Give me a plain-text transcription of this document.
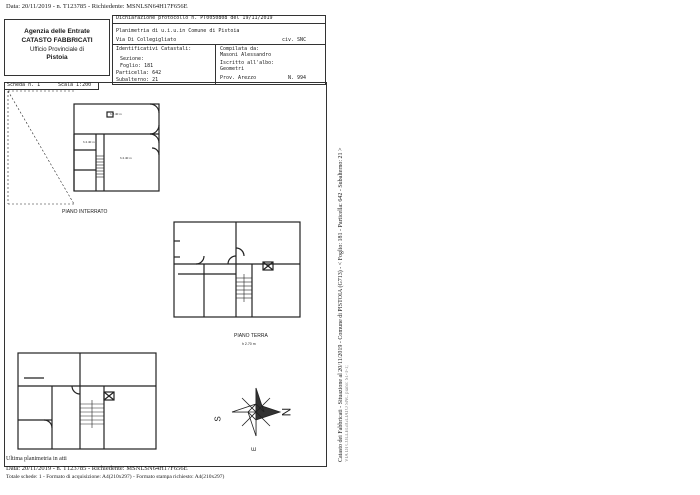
Data: 20/11/2019 - n. T123785 - Richiedente: MSNLSN64H17F656E
Agenzia delle Entrate
CATASTO FABBRICATI
Ufficio Provinciale di
Pistoia
Dichiarazione protocollo n. PT0050808 del 19/11/2019
Planimetria di u.i.u.in Comune di Pistoia
Via Di Collegigliato	civ. SNC
Identificativi Catastali:
Sezione:
Foglio: 181
Particella: 642
Subalterno: 21
Compilata da:
Masoni Alessandro
Iscritto all'albo:
Geometri
Prov. Arezzo	N. 994
Scheda n. 1	Scala 1:200
h 2.40 m
h 2.40 m
h 2.40 m
PIANO INTERRATO
PIANO TERRA
h 2.70 m
N
S
E	Catasto dei Fabbricati - Situazione al 20/11/2019 - Comune di PISTOIA (G713) - < Foglio: 181 - Particella: 642 - Subalterno: 21 > VIA DI COLLEGIGLIATO SNC piano: S1-T-1;
Ultima planimetria in atti
Data: 20/11/2019 - n. T123785 - Richiedente: MSNLSN64H17F656E
Totale schede: 1 - Formato di acquisizione: A4(210x297) - Formato stampa richiesto: A4(210x297)
